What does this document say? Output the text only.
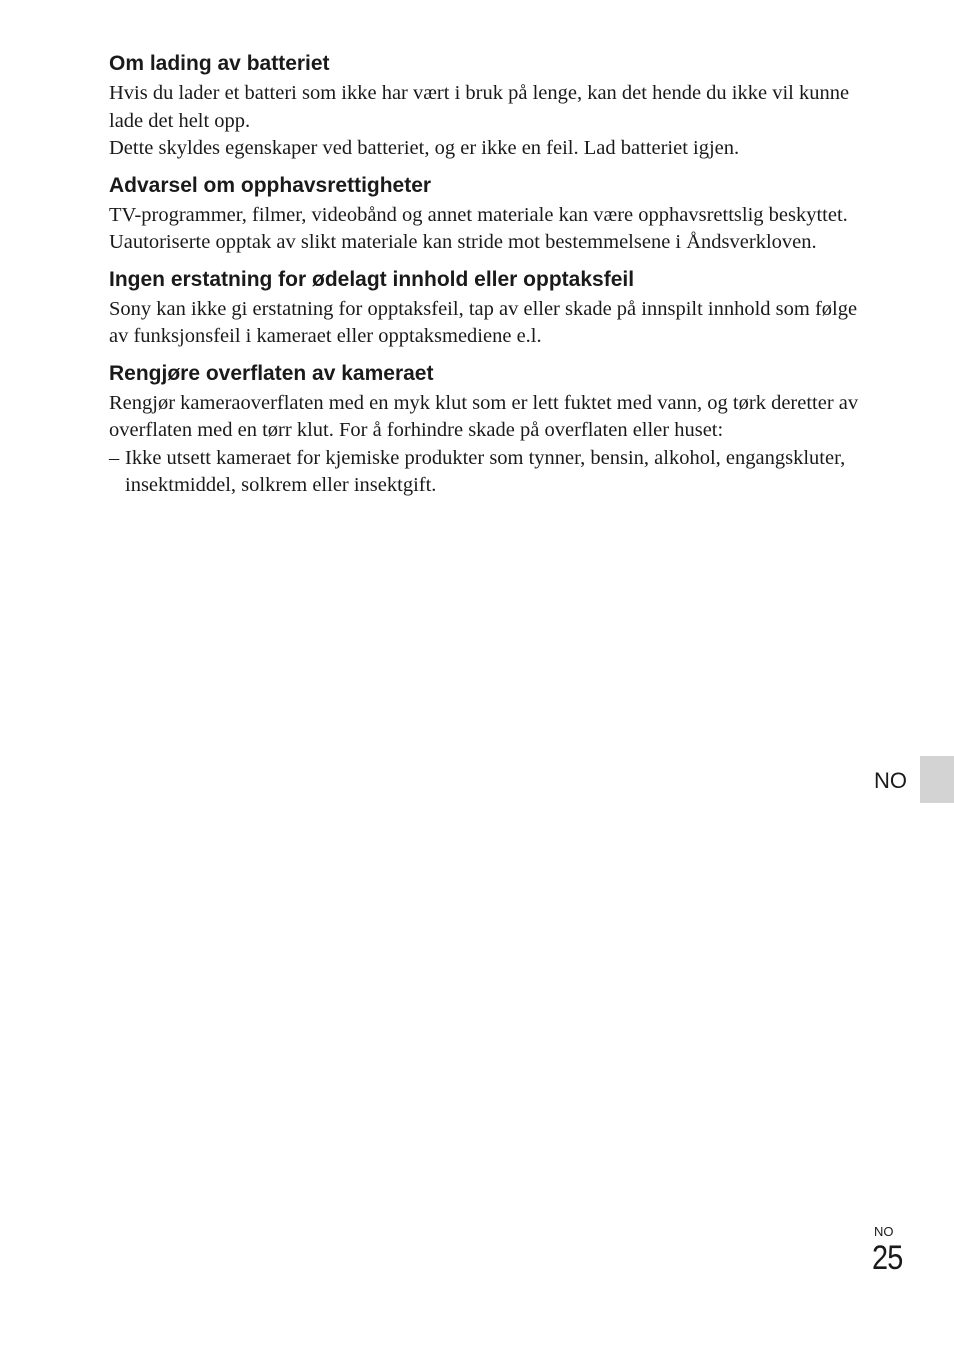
Om lading av batteriet

Hvis du lader et batteri som ikke har vært i bruk på lenge, kan det hende du ikke vil kunne lade det helt opp.

Dette skyldes egenskaper ved batteriet, og er ikke en feil. Lad batteriet igjen.

Advarsel om opphavsrettigheter

TV-programmer, filmer, videobånd og annet materiale kan være opphavsrettslig beskyttet. Uautoriserte opptak av slikt materiale kan stride mot bestemmelsene i Åndsverkloven.

Ingen erstatning for ødelagt innhold eller opptaksfeil

Sony kan ikke gi erstatning for opptaksfeil, tap av eller skade på innspilt innhold som følge av funksjonsfeil i kameraet eller opptaksmediene e.l.

Rengjøre overflaten av kameraet

Rengjør kameraoverflaten med en myk klut som er lett fuktet med vann, og tørk deretter av overflaten med en tørr klut. For å forhindre skade på overflaten eller huset:

– Ikke utsett kameraet for kjemiske produkter som tynner, bensin, alkohol, engangskluter, insektmiddel, solkrem eller insektgift.
NO
NO
25
